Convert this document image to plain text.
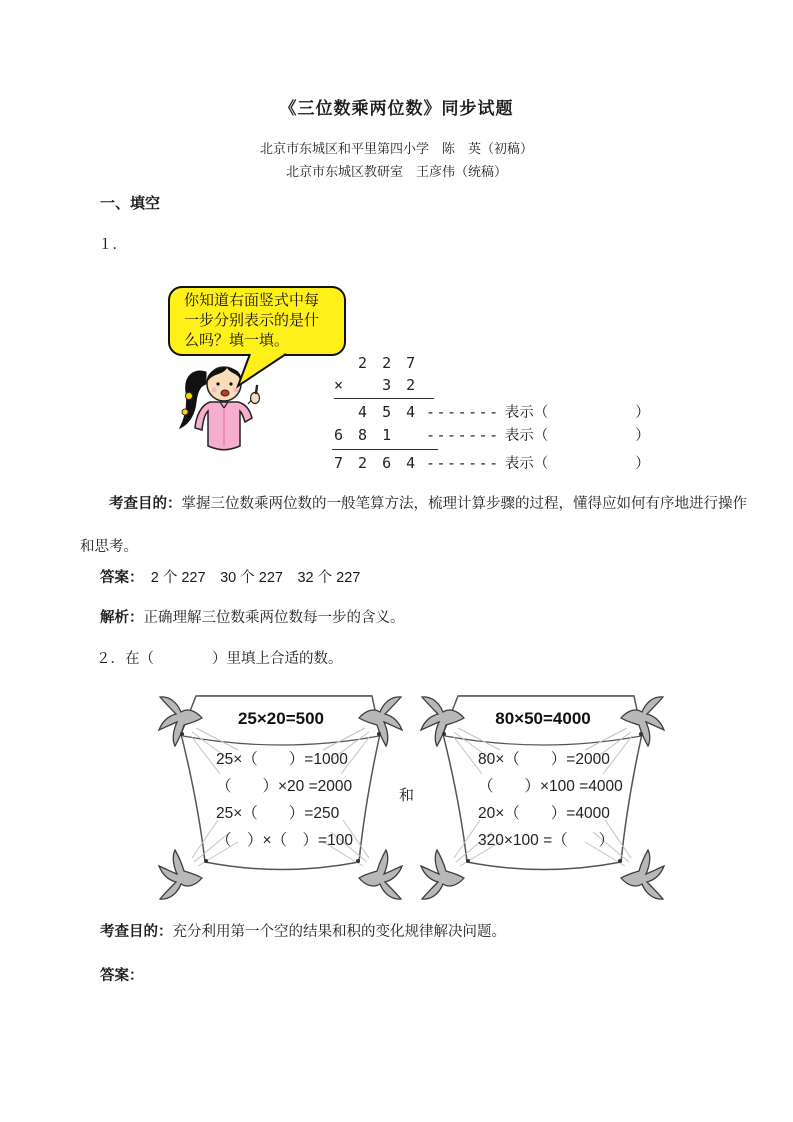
《三位数乘两位数》同步试题
北京市东城区和平里第四小学　陈　英（初稿）
北京市东城区教研室　王彦伟（统稿）
一、填空
１．
你知道右面竖式中每一步分别表示的是什么吗？填一填。
2 2 7
×   3 2
4 5 4 ------- 表示（　　　　　　）
6 8 1 ------- 表示（　　　　　　）
7 2 6 4 ------- 表示（　　　　　　）
考查目的：掌握三位数乘两位数的一般笔算方法，梳理计算步骤的过程，懂得应如何有序地进行操作和思考。
答案：　 2 个 227　30 个 227　32 个 227
解析：正确理解三位数乘两位数每一步的含义。
２．在（　　　　）里填上合适的数。
25×20=500
25×（　　）=1000
（　　）×20 =2000
25×（　　）=250
（　）×（　）=100
和
80×50=4000
80×（　　）=2000
（　　）×100 =4000
20×（　　）=4000
320×100 =（　　）
考查目的：充分利用第一个空的结果和积的变化规律解决问题。
答案：
